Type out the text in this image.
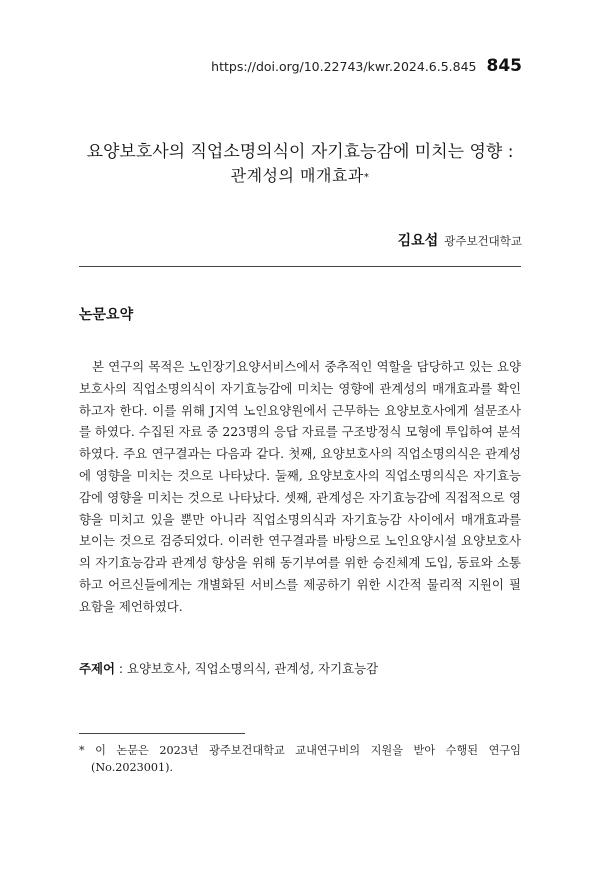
https://doi.org/10.22743/kwr.2024.6.5.845 845
요양보호사의 직업소명의식이 자기효능감에 미치는 영향 :
관계성의 매개효과*
김요섭 광주보건대학교
논문요약

본 연구의 목적은 노인장기요양서비스에서 중추적인 역할을 담당하고 있는 요양보호사의 직업소명의식이 자기효능감에 미치는 영향에 관계성의 매개효과를 확인하고자 한다. 이를 위해 J지역 노인요양원에서 근무하는 요양보호사에게 설문조사를 하였다. 수집된 자료 중 223명의 응답 자료를 구조방정식 모형에 투입하여 분석하였다. 주요 연구결과는 다음과 같다. 첫째, 요양보호사의 직업소명의식은 관계성에 영향을 미치는 것으로 나타났다. 둘째, 요양보호사의 직업소명의식은 자기효능감에 영향을 미치는 것으로 나타났다. 셋째, 관계성은 자기효능감에 직접적으로 영향을 미치고 있을 뿐만 아니라 직업소명의식과 자기효능감 사이에서 매개효과를 보이는 것으로 검증되었다. 이러한 연구결과를 바탕으로 노인요양시설 요양보호사의 자기효능감과 관계성 향상을 위해 동기부여를 위한 승진체계 도입, 동료와 소통하고 어르신들에게는 개별화된 서비스를 제공하기 위한 시간적 물리적 지원이 필요함을 제언하였다.

주제어 : 요양보호사, 직업소명의식, 관계성, 자기효능감
* 이 논문은 2023년 광주보건대학교 교내연구비의 지원을 받아 수행된 연구임(No.2023001).
